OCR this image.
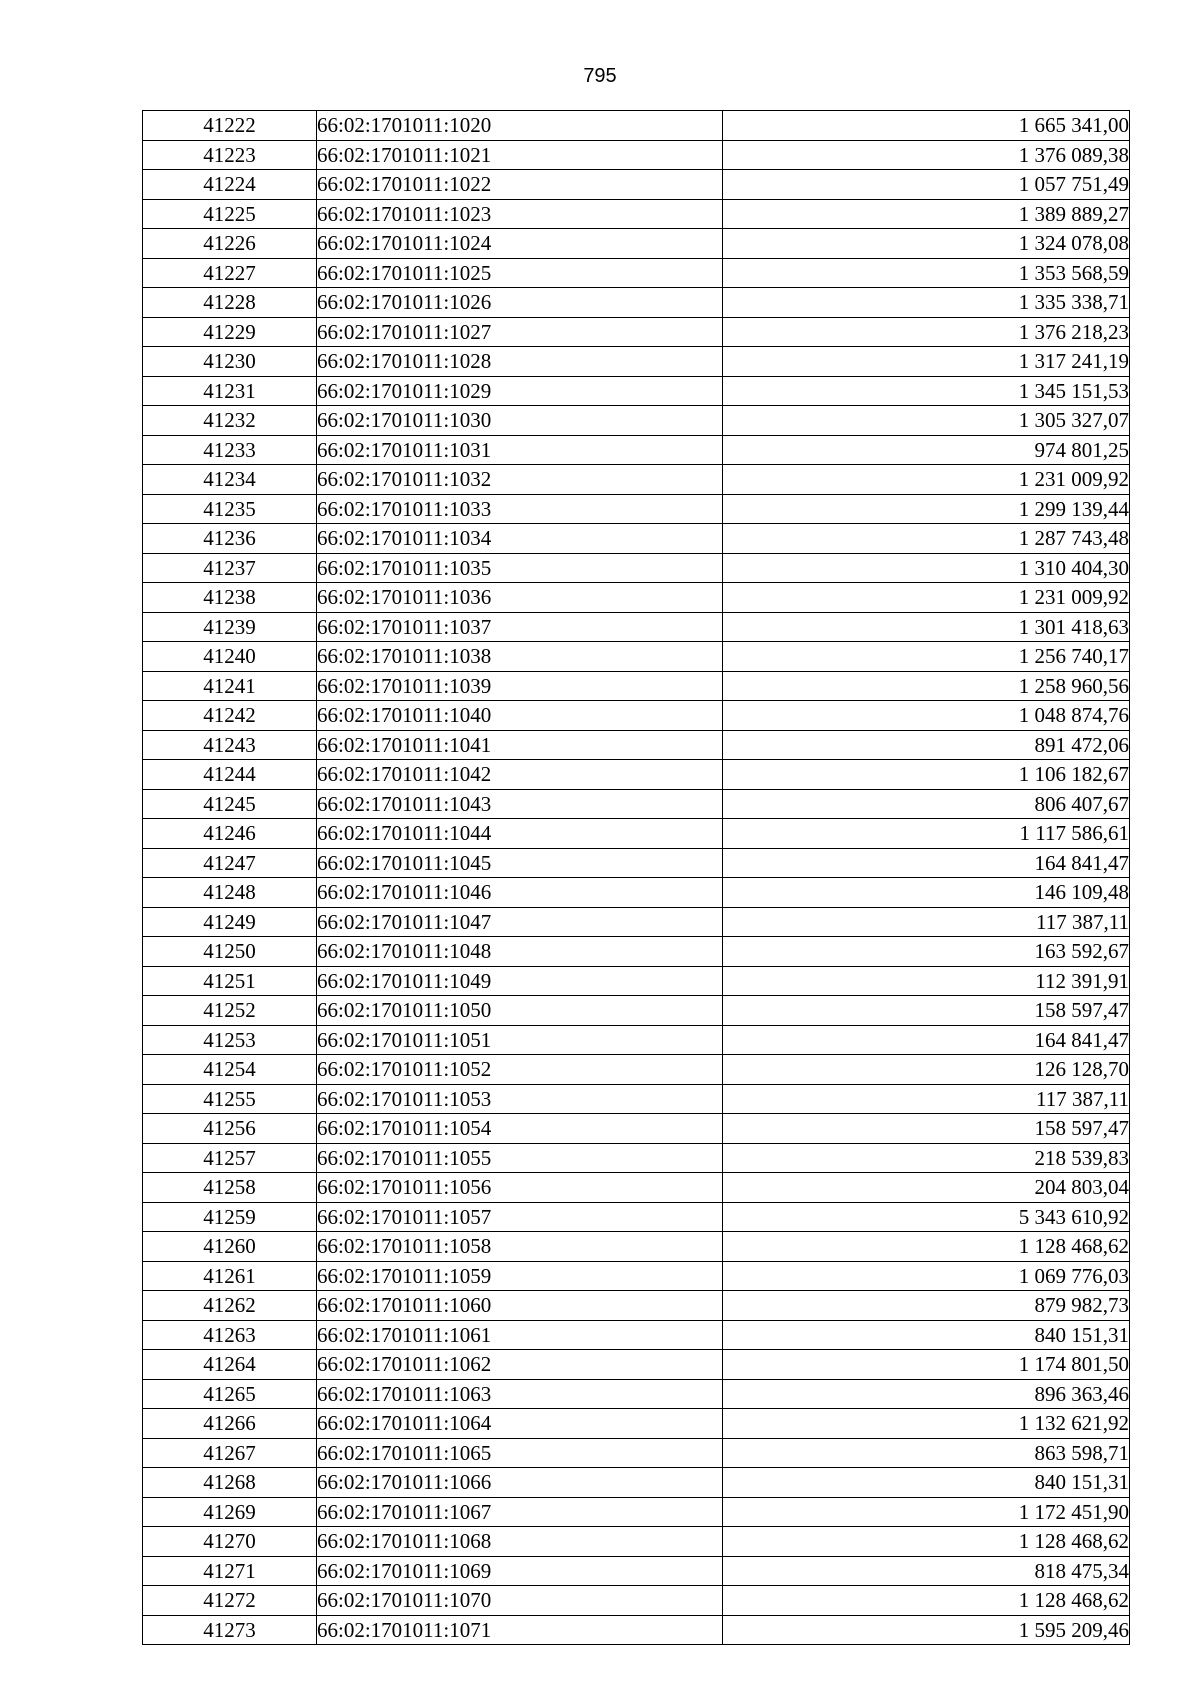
795
41222	66:02:1701011:1020	1 665 341,00
41223	66:02:1701011:1021	1 376 089,38
41224	66:02:1701011:1022	1 057 751,49
41225	66:02:1701011:1023	1 389 889,27
41226	66:02:1701011:1024	1 324 078,08
41227	66:02:1701011:1025	1 353 568,59
41228	66:02:1701011:1026	1 335 338,71
41229	66:02:1701011:1027	1 376 218,23
41230	66:02:1701011:1028	1 317 241,19
41231	66:02:1701011:1029	1 345 151,53
41232	66:02:1701011:1030	1 305 327,07
41233	66:02:1701011:1031	974 801,25
41234	66:02:1701011:1032	1 231 009,92
41235	66:02:1701011:1033	1 299 139,44
41236	66:02:1701011:1034	1 287 743,48
41237	66:02:1701011:1035	1 310 404,30
41238	66:02:1701011:1036	1 231 009,92
41239	66:02:1701011:1037	1 301 418,63
41240	66:02:1701011:1038	1 256 740,17
41241	66:02:1701011:1039	1 258 960,56
41242	66:02:1701011:1040	1 048 874,76
41243	66:02:1701011:1041	891 472,06
41244	66:02:1701011:1042	1 106 182,67
41245	66:02:1701011:1043	806 407,67
41246	66:02:1701011:1044	1 117 586,61
41247	66:02:1701011:1045	164 841,47
41248	66:02:1701011:1046	146 109,48
41249	66:02:1701011:1047	117 387,11
41250	66:02:1701011:1048	163 592,67
41251	66:02:1701011:1049	112 391,91
41252	66:02:1701011:1050	158 597,47
41253	66:02:1701011:1051	164 841,47
41254	66:02:1701011:1052	126 128,70
41255	66:02:1701011:1053	117 387,11
41256	66:02:1701011:1054	158 597,47
41257	66:02:1701011:1055	218 539,83
41258	66:02:1701011:1056	204 803,04
41259	66:02:1701011:1057	5 343 610,92
41260	66:02:1701011:1058	1 128 468,62
41261	66:02:1701011:1059	1 069 776,03
41262	66:02:1701011:1060	879 982,73
41263	66:02:1701011:1061	840 151,31
41264	66:02:1701011:1062	1 174 801,50
41265	66:02:1701011:1063	896 363,46
41266	66:02:1701011:1064	1 132 621,92
41267	66:02:1701011:1065	863 598,71
41268	66:02:1701011:1066	840 151,31
41269	66:02:1701011:1067	1 172 451,90
41270	66:02:1701011:1068	1 128 468,62
41271	66:02:1701011:1069	818 475,34
41272	66:02:1701011:1070	1 128 468,62
41273	66:02:1701011:1071	1 595 209,46
